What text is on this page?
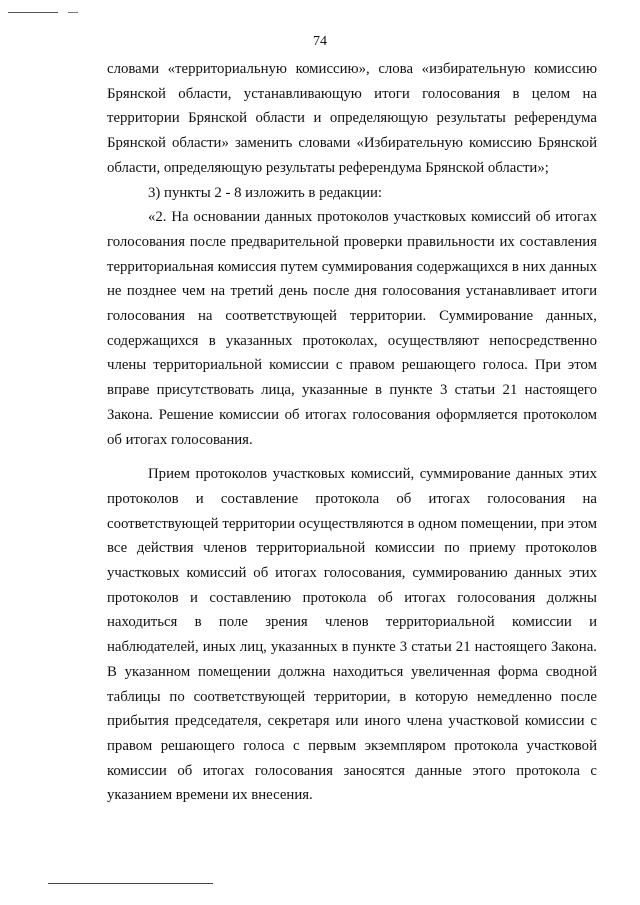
74

словами «территориальную комиссию», слова «избирательную комиссию Брянской области, устанавливающую итоги голосования в целом на территории Брянской области и определяющую результаты референдума Брянской области» заменить словами «Избирательную комиссию Брянской области, определяющую результаты референдума Брянской области»;

3) пункты 2 - 8 изложить в редакции:

«2. На основании данных протоколов участковых комиссий об итогах голосования после предварительной проверки правильности их составления территориальная комиссия путем суммирования содержащихся в них данных не позднее чем на третий день после дня голосования устанавливает итоги голосования на соответствующей территории. Суммирование данных, содержащихся в указанных протоколах, осуществляют непосредственно члены территориальной комиссии с правом решающего голоса. При этом вправе присутствовать лица, указанные в пункте 3 статьи 21 настоящего Закона. Решение комиссии об итогах голосования оформляется протоколом об итогах голосования.

Прием протоколов участковых комиссий, суммирование данных этих протоколов и составление протокола об итогах голосования на соответствующей территории осуществляются в одном помещении, при этом все действия членов территориальной комиссии по приему протоколов участковых комиссий об итогах голосования, суммированию данных этих протоколов и составлению протокола об итогах голосования должны находиться в поле зрения членов территориальной комиссии и наблюдателей, иных лиц, указанных в пункте 3 статьи 21 настоящего Закона. В указанном помещении должна находиться увеличенная форма сводной таблицы по соответствующей территории, в которую немедленно после прибытия председателя, секретаря или иного члена участковой комиссии с правом решающего голоса с первым экземпляром протокола участковой комиссии об итогах голосования заносятся данные этого протокола с указанием времени их внесения.
